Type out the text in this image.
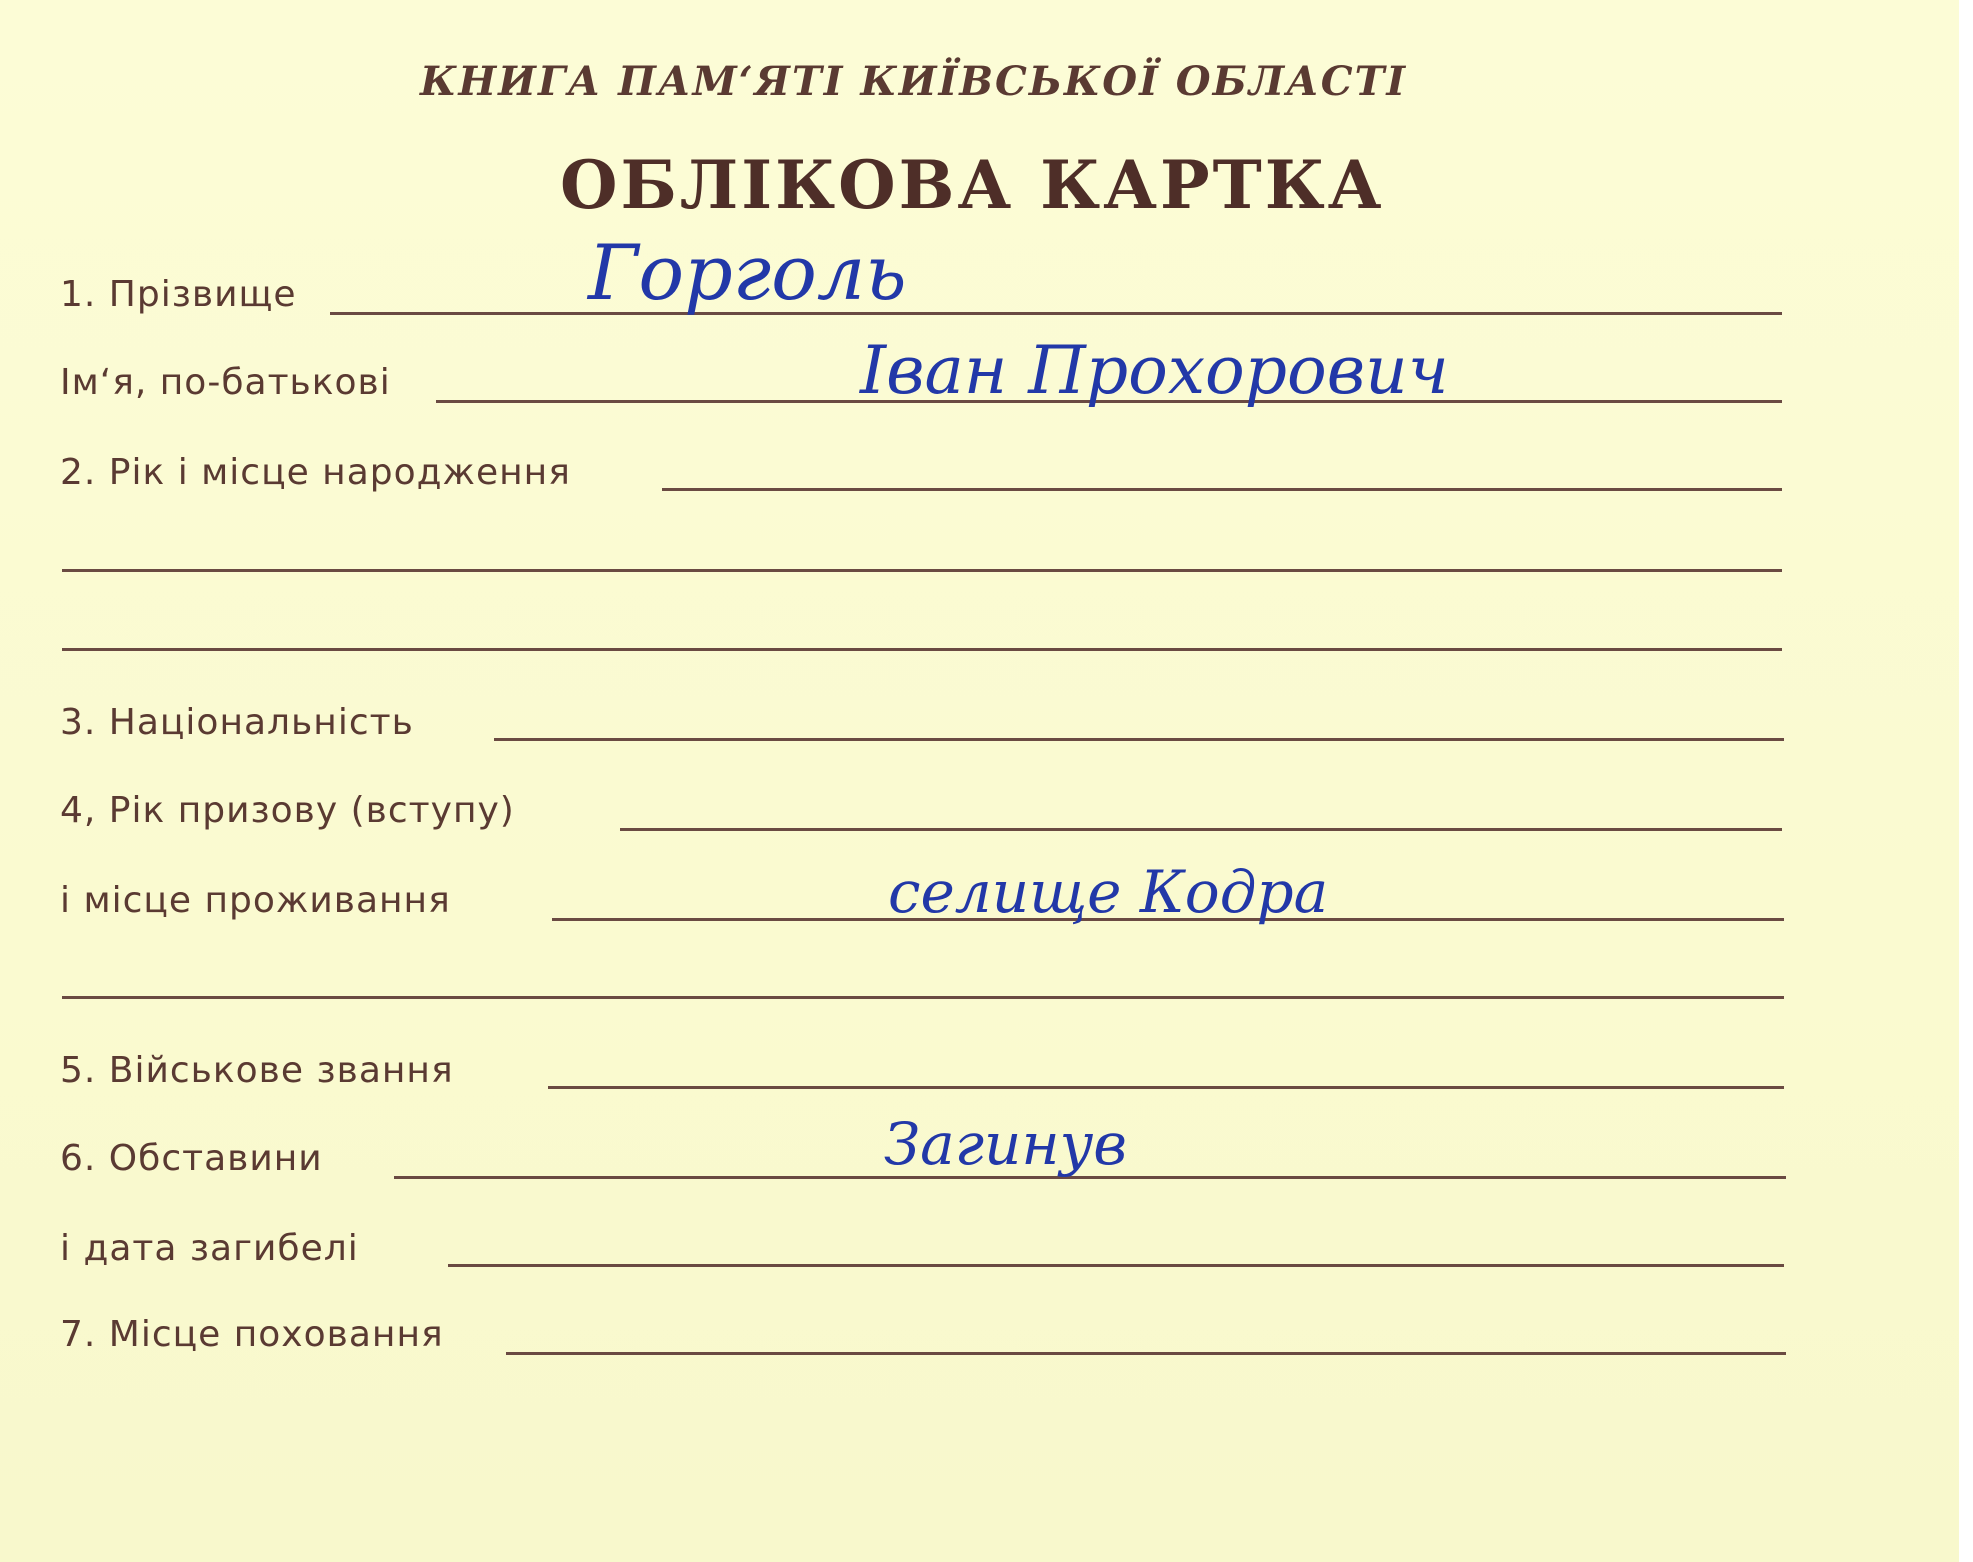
КНИГА ПАМ‘ЯТІ КИЇВСЬКОЇ ОБЛАСТІ
ОБЛІКОВА КАРТКА
1. Прізвище	Горголь
Ім‘я, по-батькові	Іван Прохорович
2. Рік і місце народження
3. Національність
4, Рік призову (вступу)
і місце проживання	селище Кодра
5. Військове звання
6. Обставини	Загинув
і дата загибелі
7. Місце поховання
